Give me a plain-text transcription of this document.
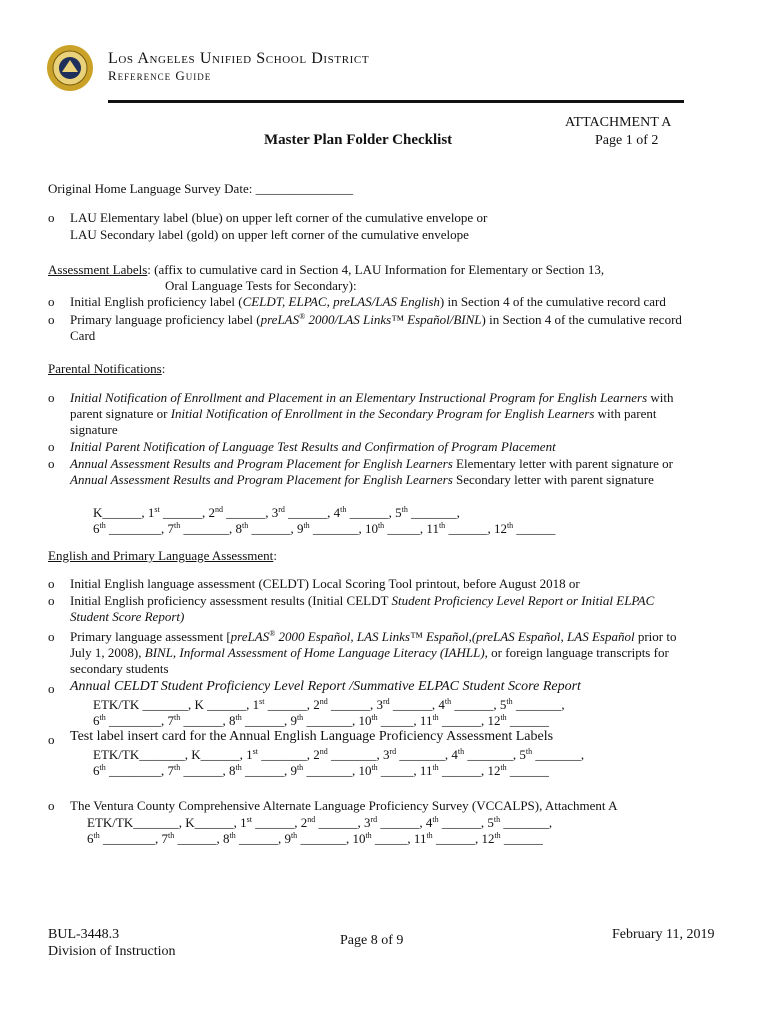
Los Angeles Unified School District
Reference Guide
ATTACHMENT A
Page 1 of 2
Master Plan Folder Checklist
Original Home Language Survey Date: _______________
o LAU Elementary label (blue) on upper left corner of the cumulative envelope or
LAU Secondary label (gold) on upper left corner of the cumulative envelope
Assessment Labels: (affix to cumulative card in Section 4, LAU Information for Elementary or Section 13,
Oral Language Tests for Secondary):
o Initial English proficiency label (CELDT, ELPAC, preLAS/LAS English) in Section 4 of the cumulative record card
o Primary language proficiency label (preLAS® 2000/LAS Links™ Español/BINL) in Section 4 of the cumulative record
Card
Parental Notifications:
o Initial Notification of Enrollment and Placement in an Elementary Instructional Program for English Learners with
parent signature or Initial Notification of Enrollment in the Secondary Program for English Learners with parent
signature
o Initial Parent Notification of Language Test Results and Confirmation of Program Placement
o Annual Assessment Results and Program Placement for English Learners Elementary letter with parent signature or
Annual Assessment Results and Program Placement for English Learners Secondary letter with parent signature
K______, 1st ______, 2nd ______, 3rd ______, 4th ______, 5th _______,
6th ________, 7th _______, 8th ______, 9th _______, 10th _____, 11th ______, 12th ______
English and Primary Language Assessment:
o Initial English language assessment (CELDT) Local Scoring Tool printout, before August 2018 or
o Initial English proficiency assessment results (Initial CELDT Student Proficiency Level Report or Initial ELPAC
Student Score Report)
o Primary language assessment [preLAS® 2000 Español, LAS Links™ Español,(preLAS Español, LAS Español prior to
July 1, 2008), BINL, Informal Assessment of Home Language Literacy (IAHLL), or foreign language transcripts for
secondary students
o Annual CELDT Student Proficiency Level Report /Summative ELPAC Student Score Report
ETK/TK _______, K ______, 1st ______, 2nd ______, 3rd ______, 4th ______, 5th _______,
6th ________, 7th ______, 8th ______, 9th _______, 10th _____, 11th ______, 12th ______
o Test label insert card for the Annual English Language Proficiency Assessment Labels
ETK/TK_______, K______, 1st _______, 2nd _______, 3rd _______, 4th _______, 5th _______,
6th ________, 7th ______, 8th ______, 9th _______, 10th _____, 11th ______, 12th ______
o The Ventura County Comprehensive Alternate Language Proficiency Survey (VCCALPS), Attachment A
ETK/TK_______, K______, 1st ______, 2nd ______, 3rd ______, 4th ______, 5th _______,
6th ________, 7th ______, 8th ______, 9th _______, 10th _____, 11th ______, 12th ______
BUL-3448.3
Division of Instruction
Page 8 of 9	February 11, 2019
